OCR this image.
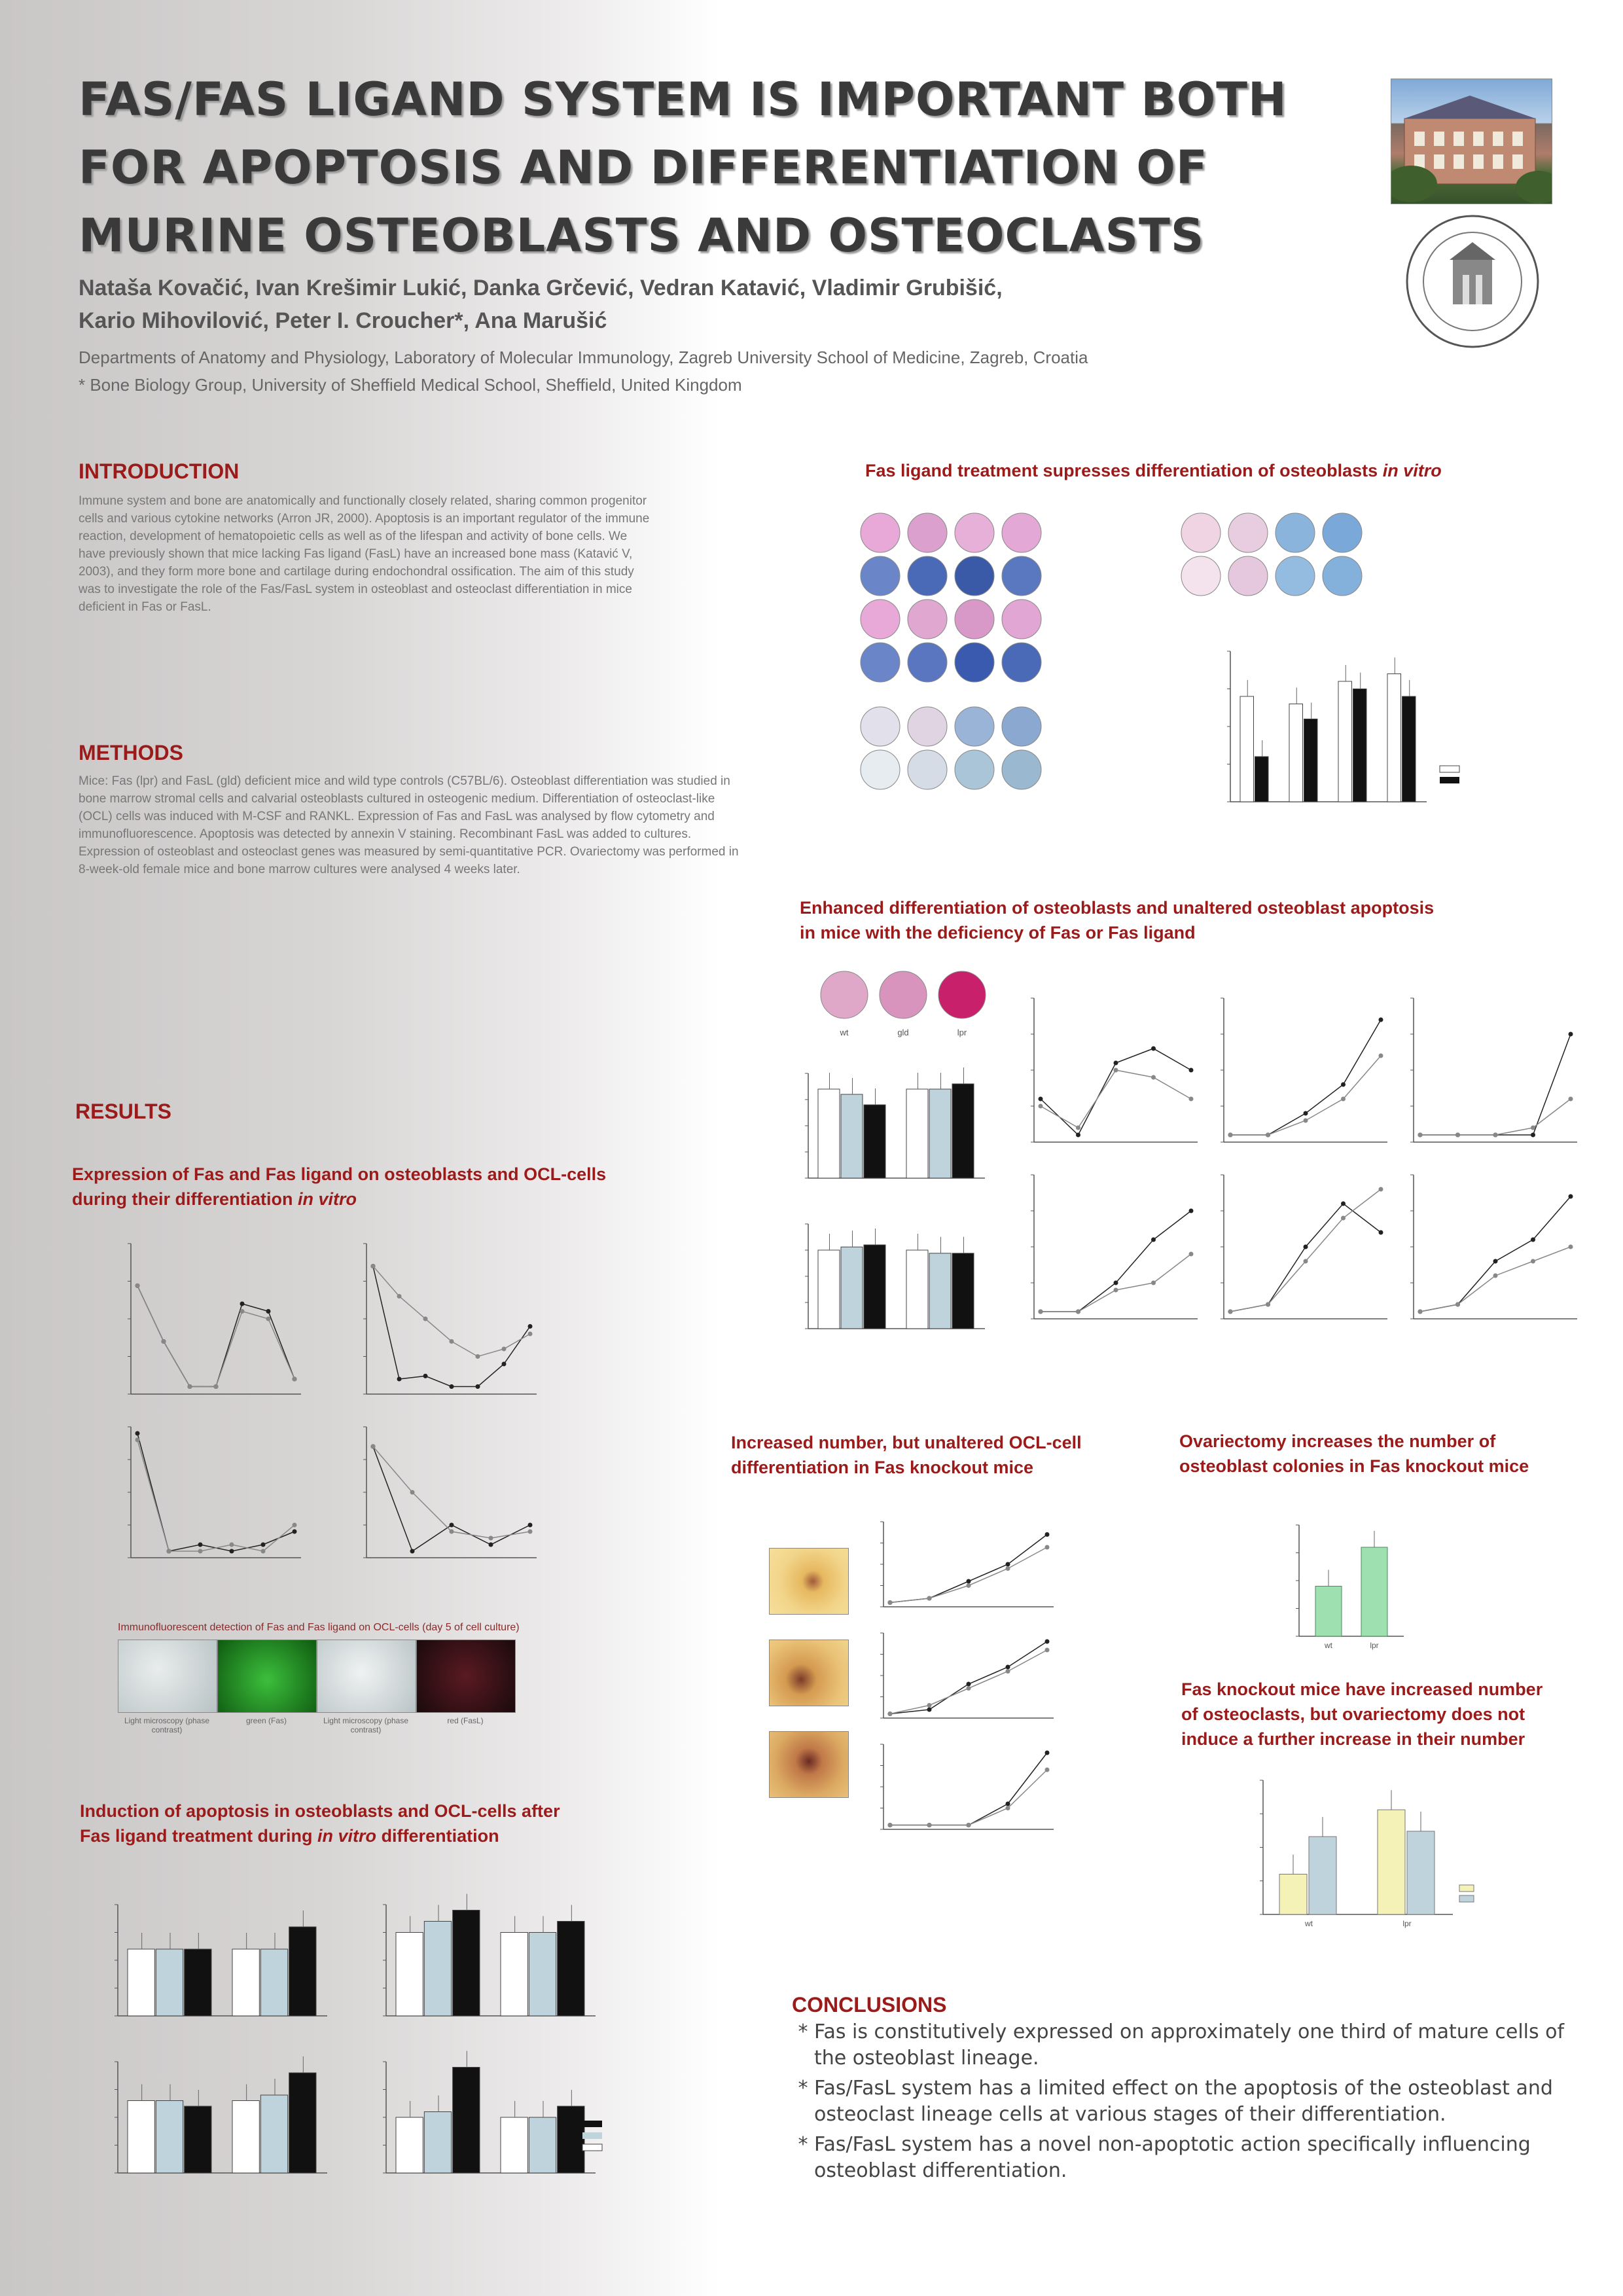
FAS/FAS LIGAND SYSTEM IS IMPORTANT BOTH FOR APOPTOSIS AND DIFFERENTIATION OF MURINE OSTEOBLASTS AND OSTEOCLASTS
Nataša Kovačić, Ivan Krešimir Lukić, Danka Grčević, Vedran Katavić, Vladimir Grubišić,
Kario Mihovilović, Peter I. Croucher*, Ana Marušić
Departments of Anatomy and Physiology, Laboratory of Molecular Immunology, Zagreb University School of Medicine, Zagreb, Croatia
* Bone Biology Group, University of Sheffield Medical School, Sheffield, United Kingdom
INTRODUCTION
Immune system and bone are anatomically and functionally closely related, sharing common progenitor cells and various cytokine networks (Arron JR, 2000). Apoptosis is an important regulator of the immune reaction, development of hematopoietic cells as well as of the lifespan and activity of bone cells. We have previously shown that mice lacking Fas ligand (FasL) have an increased bone mass (Katavić V, 2003), and they form more bone and cartilage during endochondral ossification. The aim of this study was to investigate the role of the Fas/FasL system in osteoblast and osteoclast differentiation in mice deficient in Fas or FasL.
METHODS
Mice: Fas (lpr) and FasL (gld) deficient mice and wild type controls (C57BL/6). Osteoblast differentiation was studied in bone marrow stromal cells and calvarial osteoblasts cultured in osteogenic medium. Differentiation of osteoclast-like (OCL) cells was induced with M-CSF and RANKL. Expression of Fas and FasL was analysed by flow cytometry and immunofluorescence. Apoptosis was detected by annexin V staining. Recombinant FasL was added to cultures. Expression of osteoblast and osteoclast genes was measured by semi-quantitative PCR. Ovariectomy was performed in 8-week-old female mice and bone marrow cultures were analysed 4 weeks later.
RESULTS
Expression of Fas and Fas ligand on osteoblasts and OCL-cells
during their differentiation in vitro
Immunofluorescent detection of Fas and Fas ligand on OCL-cells (day 5 of cell culture)
Light microscopy (phase contrast)
green (Fas)	Light microscopy (phase contrast)
red (FasL)
Induction of apoptosis in osteoblasts and OCL-cells after
Fas ligand treatment during in vitro differentiation
Fas ligand treatment supresses differentiation of osteoblasts in vitro
Enhanced differentiation of osteoblasts and unaltered osteoblast apoptosis
in mice with the deficiency of Fas or Fas ligand
wt	gld	lpr
Increased number, but unaltered OCL-cell
differentiation in Fas knockout mice
Ovariectomy increases the number of
osteoblast colonies in Fas knockout mice
wt	lpr
Fas knockout mice have increased number
of osteoclasts, but ovariectomy does not
induce a further increase in their number
wt	lpr
CONCLUSIONS
* Fas is constitutively expressed on approximately one third of mature cells of the osteoblast lineage.
* Fas/FasL system has a limited effect on the apoptosis of the osteoblast and osteoclast lineage cells at various stages of their differentiation.
* Fas/FasL system has a novel non-apoptotic action specifically influencing osteoblast differentiation.
